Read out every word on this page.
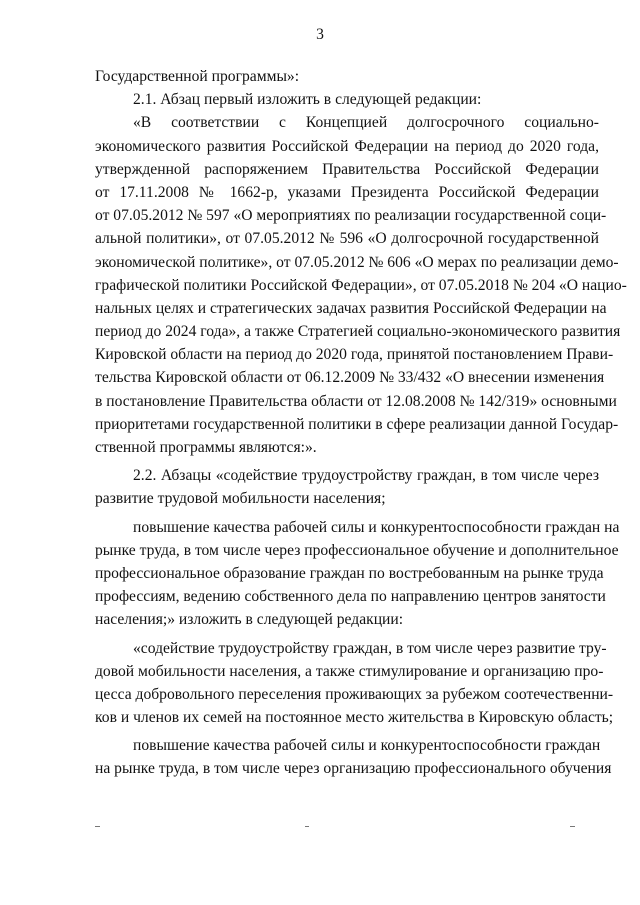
3
Государственной программы»:
2.1. Абзац первый изложить в следующей редакции:
«В соответствии с Концепцией долгосрочного социально-
экономического развития Российской Федерации на период до 2020 года,
утвержденной распоряжением Правительства Российской Федерации
от 17.11.2008 № 1662-р, указами Президента Российской Федерации
от 07.05.2012 № 597 «О мероприятиях по реализации государственной соци-
альной политики», от 07.05.2012 № 596 «О долгосрочной государственной
экономической политике», от 07.05.2012 № 606 «О мерах по реализации демо-
графической политики Российской Федерации», от 07.05.2018 № 204 «О нацио-
нальных целях и стратегических задачах развития Российской Федерации на
период до 2024 года», а также Стратегией социально-экономического развития
Кировской области на период до 2020 года, принятой постановлением Прави-
тельства Кировской области от 06.12.2009 № 33/432 «О внесении изменения
в постановление Правительства области от 12.08.2008 № 142/319» основными
приоритетами государственной политики в сфере реализации данной Государ-
ственной программы являются:».
2.2. Абзацы «содействие трудоустройству граждан, в том числе через
развитие трудовой мобильности населения;
повышение качества рабочей силы и конкурентоспособности граждан на
рынке труда, в том числе через профессиональное обучение и дополнительное
профессиональное образование граждан по востребованным на рынке труда
профессиям, ведению собственного дела по направлению центров занятости
населения;» изложить в следующей редакции:
«содействие трудоустройству граждан, в том числе через развитие тру-
довой мобильности населения, а также стимулирование и организацию про-
цесса добровольного переселения проживающих за рубежом соотечественни-
ков и членов их семей на постоянное место жительства в Кировскую область;
повышение качества рабочей силы и конкурентоспособности граждан
на рынке труда, в том числе через организацию профессионального обучения
